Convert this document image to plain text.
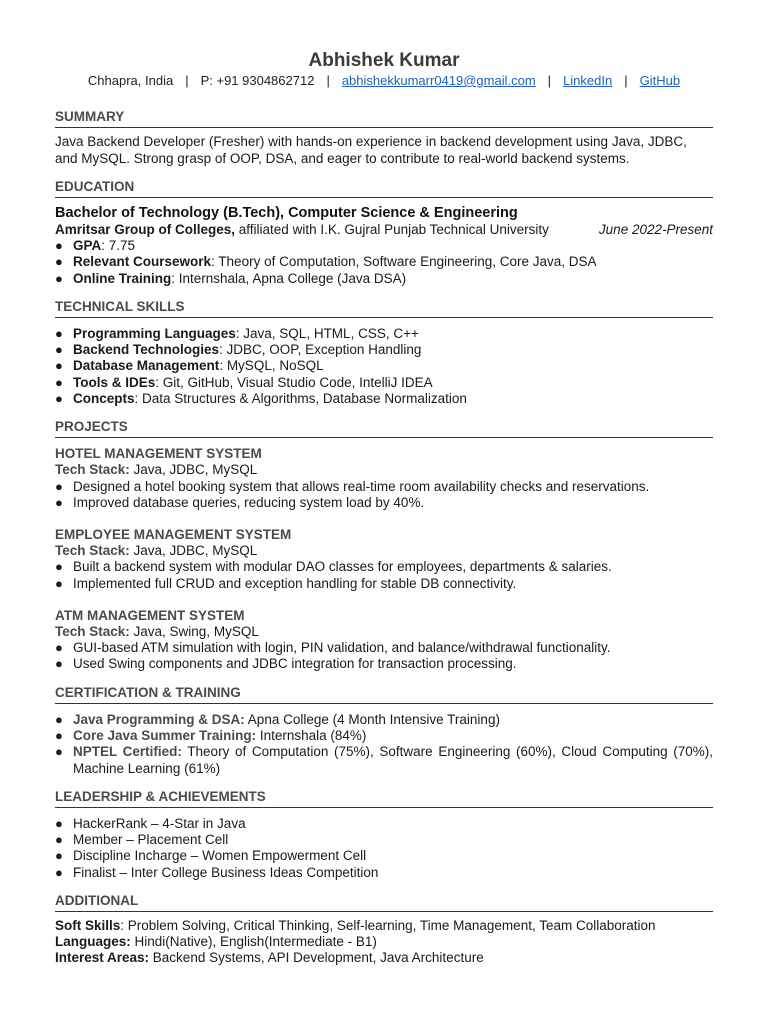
Abhishek Kumar
Chhapra, India | P: +91 9304862712 | abhishekkumarr0419@gmail.com | LinkedIn | GitHub
SUMMARY

Java Backend Developer (Fresher) with hands-on experience in backend development using Java, JDBC, and MySQL. Strong grasp of OOP, DSA, and eager to contribute to real-world backend systems.

EDUCATION
Bachelor of Technology (B.Tech), Computer Science & Engineering
Amritsar Group of Colleges, affiliated with I.K. Gujral Punjab Technical University	June 2022-Present
● GPA: 7.75
● Relevant Coursework: Theory of Computation, Software Engineering, Core Java, DSA
● Online Training: Internshala, Apna College (Java DSA)
TECHNICAL SKILLS
● Programming Languages: Java, SQL, HTML, CSS, C++
● Backend Technologies: JDBC, OOP, Exception Handling
● Database Management: MySQL, NoSQL
● Tools & IDEs: Git, GitHub, Visual Studio Code, IntelliJ IDEA
● Concepts: Data Structures & Algorithms, Database Normalization
PROJECTS
HOTEL MANAGEMENT SYSTEM
Tech Stack: Java, JDBC, MySQL
● Designed a hotel booking system that allows real-time room availability checks and reservations.
● Improved database queries, reducing system load by 40%.
EMPLOYEE MANAGEMENT SYSTEM
Tech Stack: Java, JDBC, MySQL
● Built a backend system with modular DAO classes for employees, departments & salaries.
● Implemented full CRUD and exception handling for stable DB connectivity.
ATM MANAGEMENT SYSTEM
Tech Stack: Java, Swing, MySQL
● GUI-based ATM simulation with login, PIN validation, and balance/withdrawal functionality.
● Used Swing components and JDBC integration for transaction processing.
CERTIFICATION & TRAINING
● Java Programming & DSA: Apna College (4 Month Intensive Training)
● Core Java Summer Training: Internshala (84%)
● NPTEL Certified: Theory of Computation (75%), Software Engineering (60%), Cloud Computing (70%), Machine Learning (61%)
LEADERSHIP & ACHIEVEMENTS
● HackerRank – 4-Star in Java
● Member – Placement Cell
● Discipline Incharge – Women Empowerment Cell
● Finalist – Inter College Business Ideas Competition
ADDITIONAL
Soft Skills: Problem Solving, Critical Thinking, Self-learning, Time Management, Team Collaboration
Languages: Hindi(Native), English(Intermediate - B1)
Interest Areas: Backend Systems, API Development, Java Architecture
